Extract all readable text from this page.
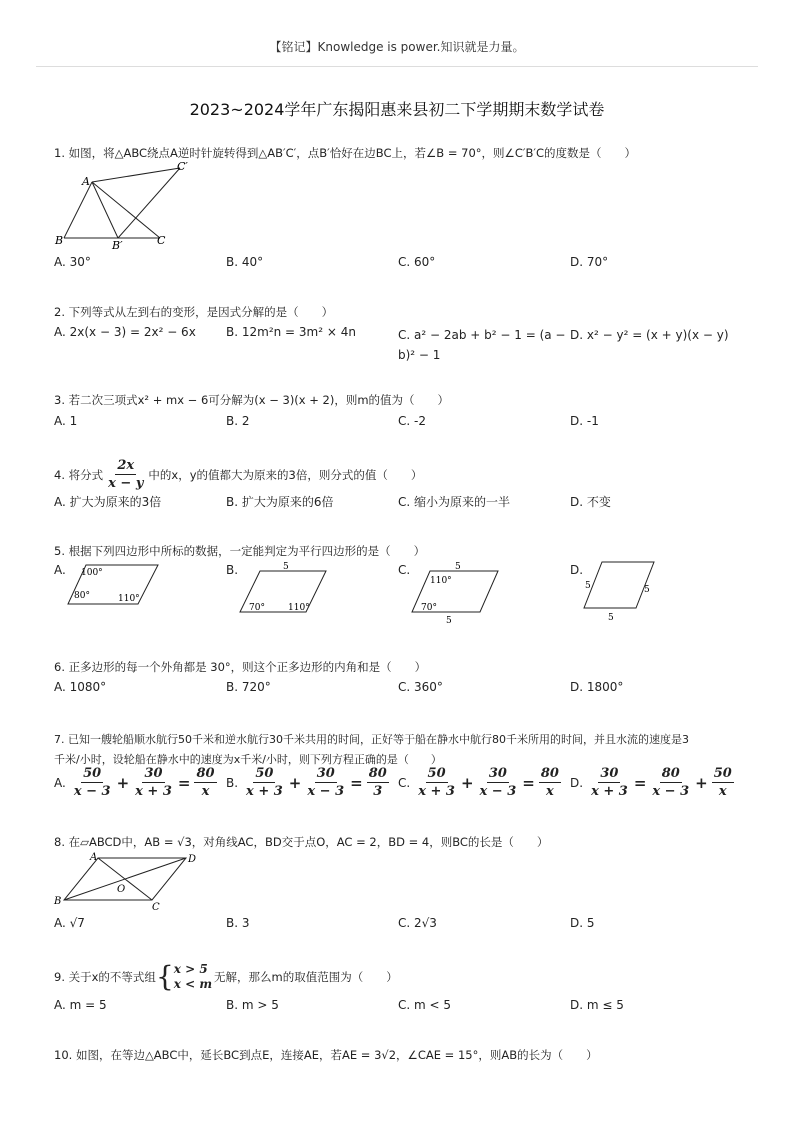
【铭记】Knowledge is power.知识就是力量。
2023~2024学年广东揭阳惠来县初二下学期期末数学试卷
1. 如图，将△ABC绕点A逆时针旋转得到△AB′C′，点B′恰好在边BC上，若∠B = 70°，则∠C′B′C的度数是（　　）
A
C′
B	B′	C
A. 30°	B. 40°	C. 60°	D. 70°
2. 下列等式从左到右的变形，是因式分解的是（　　）
A. 2x(x − 3) = 2x² − 6x	B. 12m²n = 3m² × 4n	C. a² − 2ab + b² − 1 = (a − b)² − 1
D. x² − y² = (x + y)(x − y)
3. 若二次三项式x² + mx − 6可分解为(x − 3)(x + 2)，则m的值为（　　）
A. 1	B. 2	C. -2	D. -1
4. 将分式 $\frac{2x}{x - y}$ 中的x，y的值都大为原来的3倍，则分式的值（　　）
A. 扩大为原来的3倍	B. 扩大为原来的6倍	C. 缩小为原来的一半	D. 不变
5. 根据下列四边形中所标的数据，一定能判定为平行四边形的是（　　）
A. 100°
80°	110°
B.	5
70°	110°
C.	5
110°
70°
5
D.
5	5
5
6. 正多边形的每一个外角都是 30°，则这个正多边形的内角和是（　　）
A. 1080°	B. 720°	C. 360°	D. 1800°
7. 已知一艘轮船顺水航行50千米和逆水航行30千米共用的时间，正好等于船在静水中航行80千米所用的时间，并且水流的速度是3
千米/小时，设轮船在静水中的速度为x千米/小时，则下列方程正确的是（　　）
A. $\frac{50}{x - 3} + \frac{30}{x + 3} = \frac{80}{x} B$. $\frac{50}{x + 3} + \frac{30}{x - 3} = \frac{80}{3} C$. $\frac{50}{x + 3} + \frac{30}{x - 3} = \frac{80}{x} D$. $\frac{30}{x + 3} = \frac{80}{x - 3} + \frac{50}{x}$
8. 在▱ABCD中，AB = √3，对角线AC，BD交于点O，AC = 2，BD = 4，则BC的长是（　　）
A	D
O
B
C
A. √7	B. 3	C. 2√3	D. 5
9. 关于x的不等式组 { x > 5
x < m 无解，那么m的取值范围为（　　）
A. m = 5	B. m > 5	C. m < 5	D. m ≤ 5
10. 如图，在等边△ABC中，延长BC到点E，连接AE，若AE = 3√2，∠CAE = 15°，则AB的长为（　　）
